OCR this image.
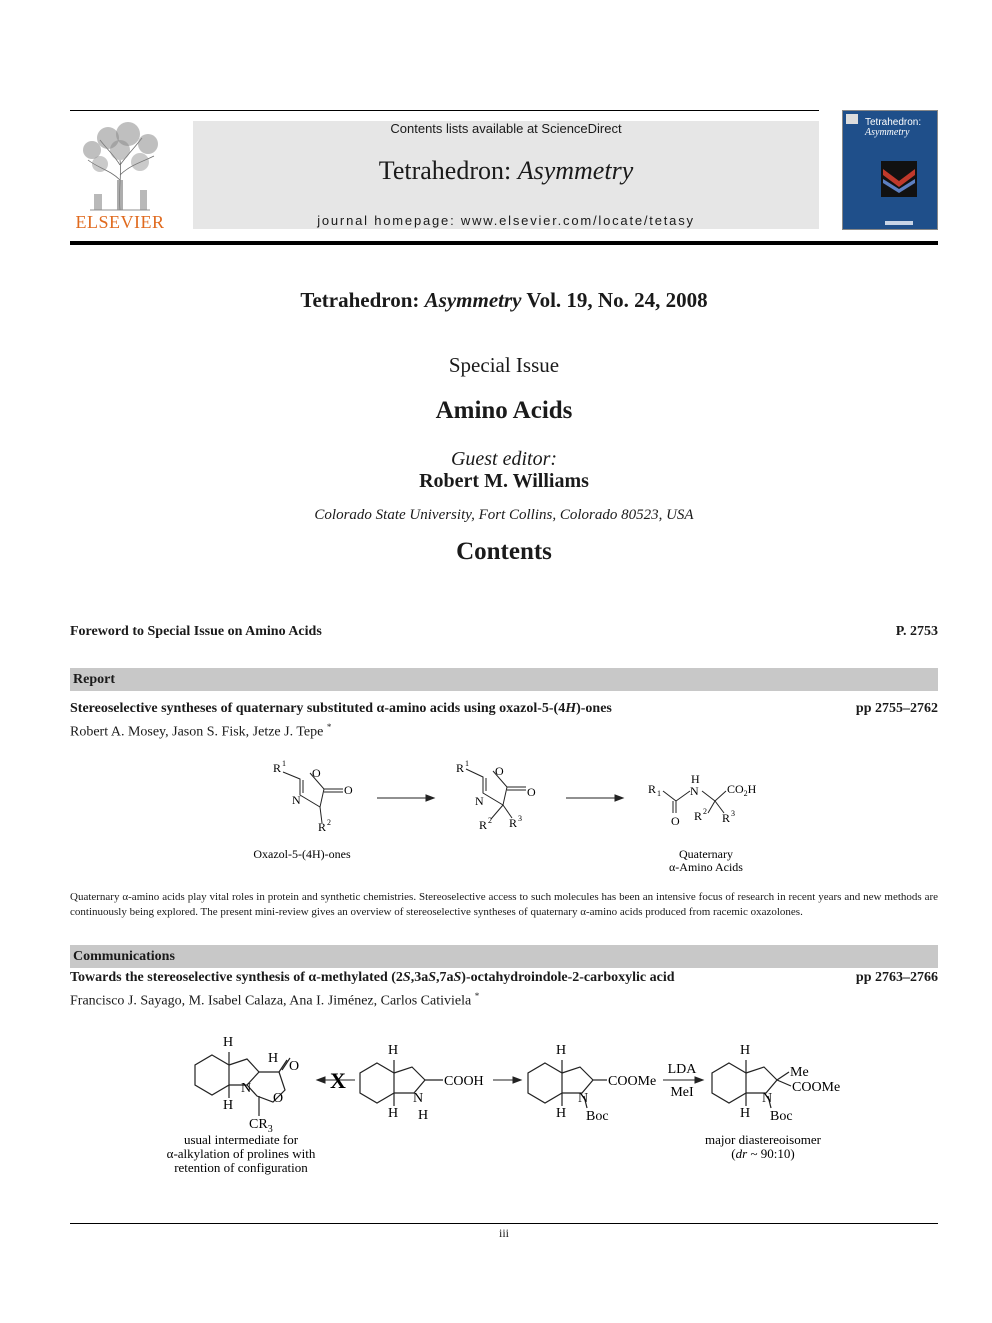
ELSEVIER
Contents lists available at ScienceDirect
Tetrahedron: Asymmetry
journal homepage: www.elsevier.com/locate/tetasy
Tetrahedron:
Asymmetry
Tetrahedron: Asymmetry Vol. 19, No. 24, 2008
Special Issue
Amino Acids
Guest editor:
Robert M. Williams
Colorado State University, Fort Collins, Colorado 80523, USA
Contents
Foreword to Special Issue on Amino Acids	P. 2753
Report
Stereoselective syntheses of quaternary substituted α-amino acids using oxazol-5-(4H)-ones	pp 2755–2762
Robert A. Mosey, Jason S. Fisk, Jetze J. Tepe *
R 1
O
O
N
R 2
R 1
O
O
N
R 2 R 3
R 1
H
N $CO_2H$
O R 2 R 3
Oxazol-5-(4H)-ones	Quaternary
α-Amino Acids
Quaternary α-amino acids play vital roles in protein and synthetic chemistries. Stereoselective access to such molecules has been an intensive focus of research in recent years and new methods are continuously being explored. The present mini-review gives an overview of stereoselective syntheses of quaternary α-amino acids produced from racemic oxazolones.
Communications
Towards the stereoselective synthesis of α-methylated (2S,3aS,7aS)-octahydroindole-2-carboxylic acid	pp 2763–2766
Francisco J. Sayago, M. Isabel Calaza, Ana I. Jiménez, Carlos Cativiela *
H
H
H
N
O
O
$CR_3$
X
H
H
N
H
COOH
H
H
N
Boc
COOMe
LDA
MeI
H
H
N
Boc
Me
COOMe
usual intermediate for
α-alkylation of prolines with
retention of configuration
major diastereoisomer
(dr ~ 90:10)
iii
